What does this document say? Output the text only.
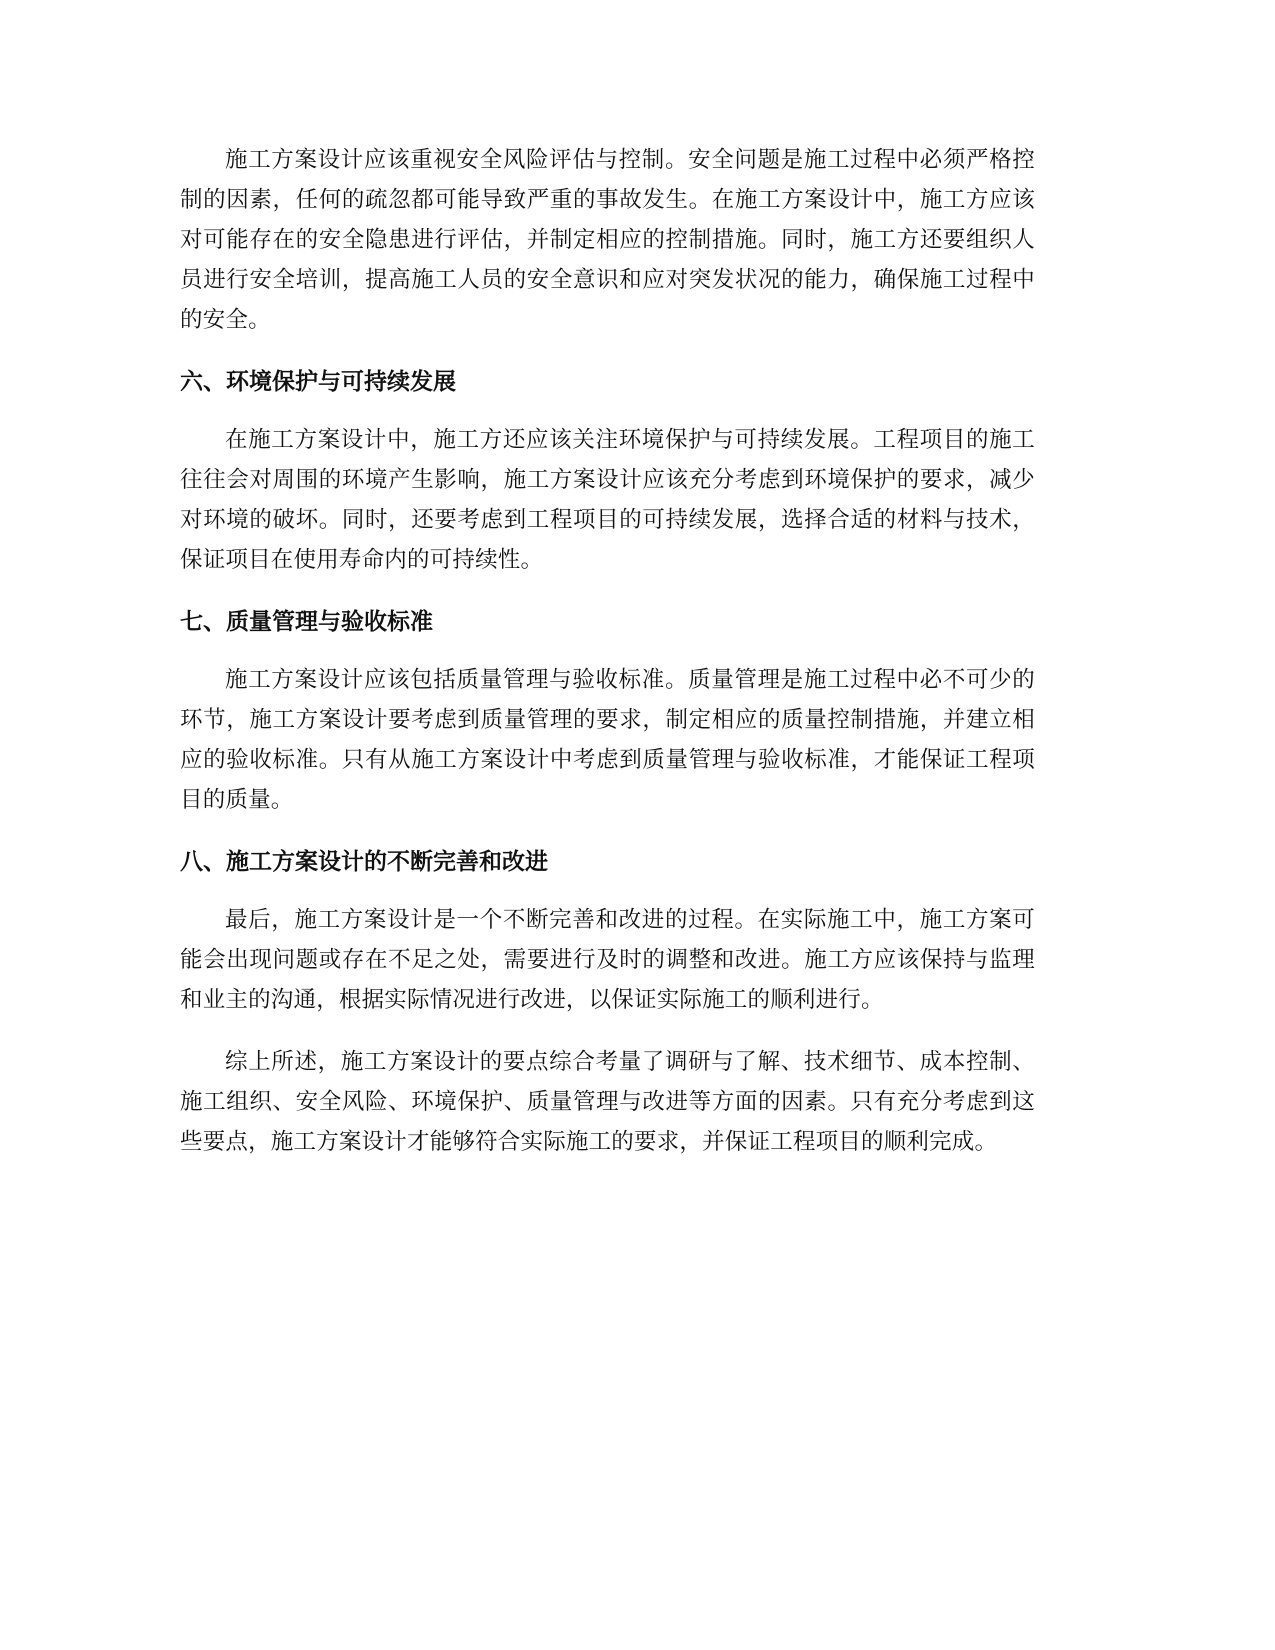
施工方案设计应该重视安全风险评估与控制。安全问题是施工过程中必须严格控制的因素，任何的疏忽都可能导致严重的事故发生。在施工方案设计中，施工方应该对可能存在的安全隐患进行评估，并制定相应的控制措施。同时，施工方还要组织人员进行安全培训，提高施工人员的安全意识和应对突发状况的能力，确保施工过程中的安全。

六、环境保护与可持续发展

在施工方案设计中，施工方还应该关注环境保护与可持续发展。工程项目的施工往往会对周围的环境产生影响，施工方案设计应该充分考虑到环境保护的要求，减少对环境的破坏。同时，还要考虑到工程项目的可持续发展，选择合适的材料与技术，保证项目在使用寿命内的可持续性。

七、质量管理与验收标准

施工方案设计应该包括质量管理与验收标准。质量管理是施工过程中必不可少的环节，施工方案设计要考虑到质量管理的要求，制定相应的质量控制措施，并建立相应的验收标准。只有从施工方案设计中考虑到质量管理与验收标准，才能保证工程项目的质量。

八、施工方案设计的不断完善和改进

最后，施工方案设计是一个不断完善和改进的过程。在实际施工中，施工方案可能会出现问题或存在不足之处，需要进行及时的调整和改进。施工方应该保持与监理和业主的沟通，根据实际情况进行改进，以保证实际施工的顺利进行。

综上所述，施工方案设计的要点综合考量了调研与了解、技术细节、成本控制、施工组织、安全风险、环境保护、质量管理与改进等方面的因素。只有充分考虑到这些要点，施工方案设计才能够符合实际施工的要求，并保证工程项目的顺利完成。
